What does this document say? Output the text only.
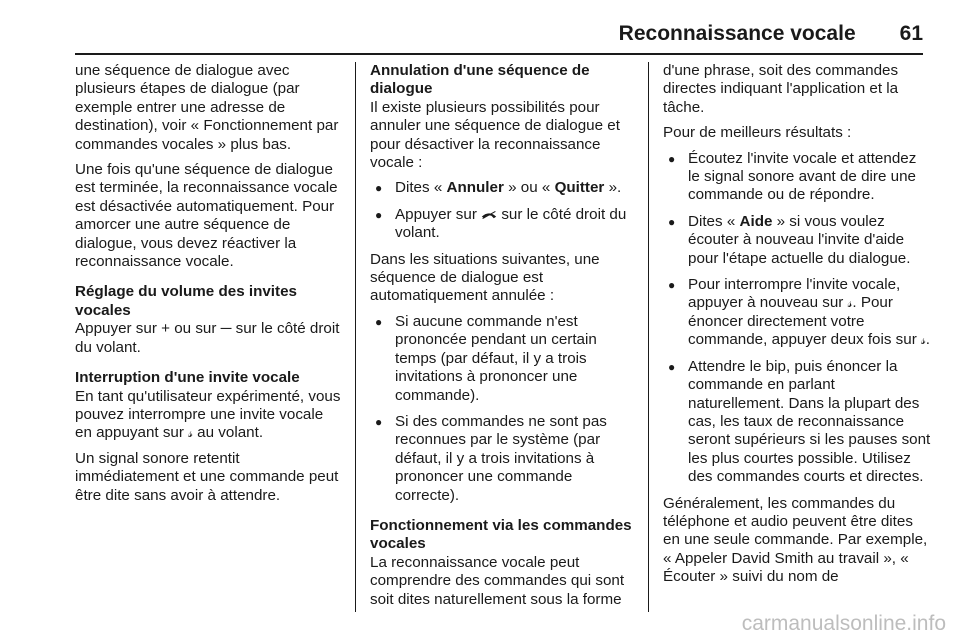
Reconnaissance vocale 61

une séquence de dialogue avec plusieurs étapes de dialogue (par exemple entrer une adresse de destination), voir « Fonctionnement par commandes vocales » plus bas.

Une fois qu'une séquence de dialogue est terminée, la reconnaissance vocale est désactivée automatiquement. Pour amorcer une autre séquence de dialogue, vous devez réactiver la reconnaissance vocale.

Réglage du volume des invites vocales

Appuyer sur + ou sur ─ sur le côté droit du volant.

Interruption d'une invite vocale

En tant qu'utilisateur expérimenté, vous pouvez interrompre une invite vocale en appuyant sur 𝓈 au volant.

Un signal sonore retentit immédiatement et une commande peut être dite sans avoir à attendre.

Annulation d'une séquence de dialogue

Il existe plusieurs possibilités pour annuler une séquence de dialogue et pour désactiver la reconnaissance vocale :

● Dites « Annuler » ou « Quitter ».
● Appuyer sur  sur le côté droit du volant.

Dans les situations suivantes, une séquence de dialogue est automatiquement annulée :

● Si aucune commande n'est prononcée pendant un certain temps (par défaut, il y a trois invitations à prononcer une commande).
● Si des commandes ne sont pas reconnues par le système (par défaut, il y a trois invitations à prononcer une commande correcte).
Fonctionnement via les commandes vocales

La reconnaissance vocale peut comprendre des commandes qui sont soit dites naturellement sous la forme

d'une phrase, soit des commandes directes indiquant l'application et la tâche.

Pour de meilleurs résultats :

● Écoutez l'invite vocale et attendez le signal sonore avant de dire une commande ou de répondre.
● Dites « Aide » si vous voulez écouter à nouveau l'invite d'aide pour l'étape actuelle du dialogue.
● Pour interrompre l'invite vocale, appuyer à nouveau sur 𝓈. Pour énoncer directement votre commande, appuyer deux fois sur 𝓈.
● Attendre le bip, puis énoncer la commande en parlant naturellement. Dans la plupart des cas, les taux de reconnaissance seront supérieurs si les pauses sont les plus courtes possible. Utilisez des commandes courts et directes.

Généralement, les commandes du téléphone et audio peuvent être dites en une seule commande. Par exemple, « Appeler David Smith au travail », « Écouter » suivi du nom de

carmanualsonline.info
